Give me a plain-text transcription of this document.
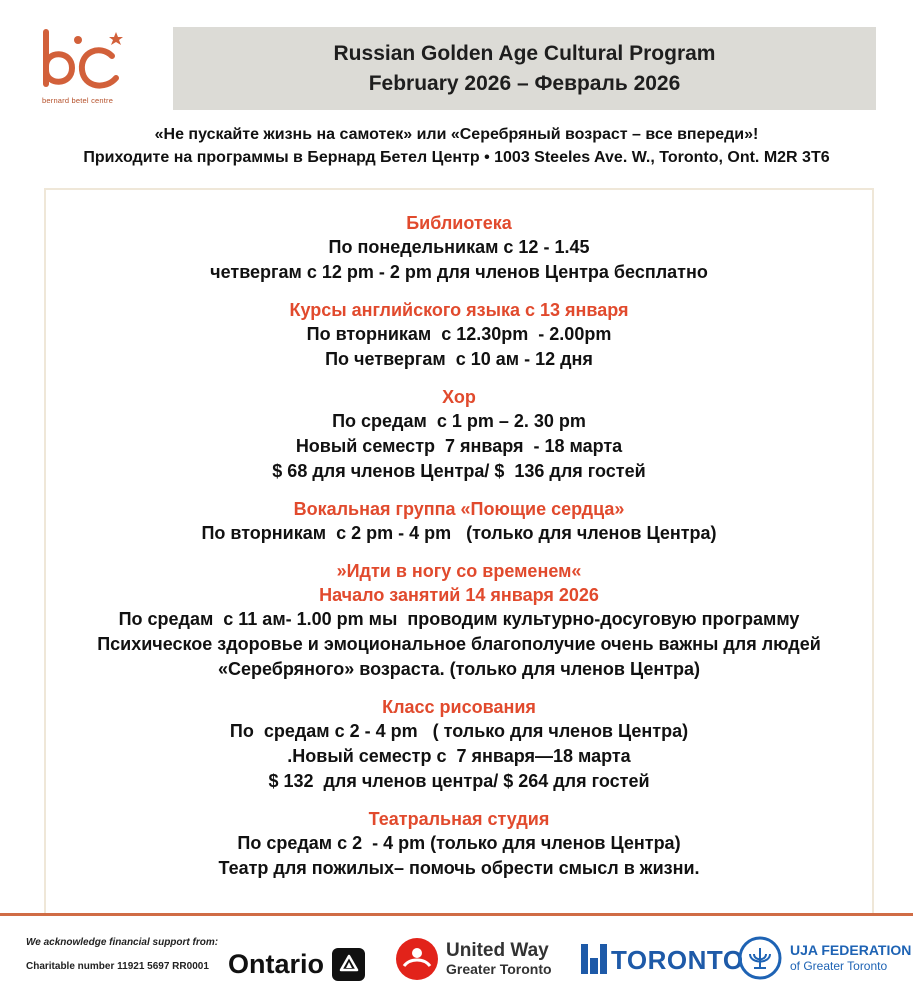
bernard betel centre
Russian Golden Age Cultural Program
February 2026 – Февраль 2026
«Не пускайте жизнь на самотек» или «Серебряный возраст – все впереди»!
Приходите на программы в Бернард Бетел Центр • 1003 Steeles Ave. W., Toronto, Ont. M2R 3T6
Библиотека
По понедельникам с 12 - 1.45
четвергам с 12 pm - 2 pm для членов Центра бесплатно
Курсы английского языка с 13 января
По вторникам  с 12.30pm  - 2.00pm
По четвергам  с 10 ам - 12 дня
Хор
По средам  с 1 pm – 2. 30 pm
Новый семестр  7 января  - 18 марта
$ 68 для членов Центра/ $  136 для гостей
Вокальная группа «Поющие сердца»
По вторникам  с 2 pm - 4 pm   (только для членов Центра)
»Идти в ногу со временем«
Начало занятий 14 января 2026
По средам  с 11 ам- 1.00 pm мы  проводим культурно-досуговую программу
Психическое здоровье и эмоциональное благополучие очень важны для людей
«Серебряного» возраста. (только для членов Центра)
Класс рисования
По  средам с 2 - 4 pm   ( только для членов Центра)
.Новый семестр с  7 января—18 марта
$ 132  для членов центра/ $ 264 для гостей
Театральная студия
По средам с 2  - 4 pm (только для членов Центра)
Театр для пожилых– помочь обрести смысл в жизни.
We acknowledge financial support from:
Charitable number 11921 5697 RR0001 Ontario	United Way
Greater Toronto TORONTO	UJA FEDERATION
of Greater Toronto
